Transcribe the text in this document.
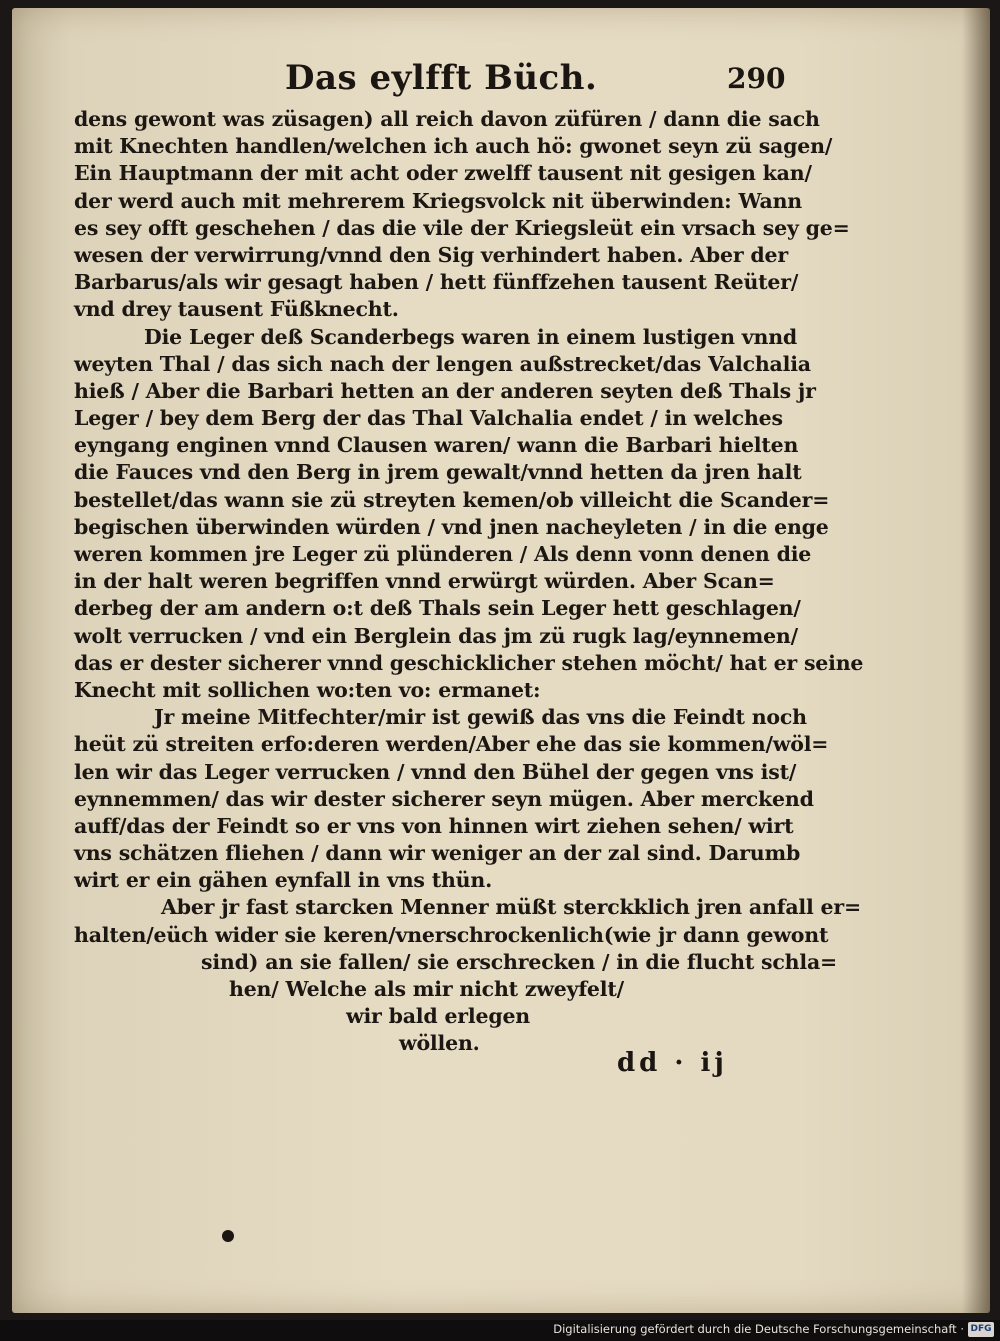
Das eylfft Büch.	290
dens gewont was züsagen) all reich davon züfüren / dann die sach
mit Knechten handlen/welchen ich auch hö: gwonet seyn zü sagen/
Ein Hauptmann der mit acht oder zwelff tausent nit gesigen kan/
der werd auch mit mehrerem Kriegsvolck nit überwinden: Wann
es sey offt geschehen / das die vile der Kriegsleüt ein vrsach sey ge=
wesen der verwirrung/vnnd den Sig verhindert haben. Aber der
Barbarus/als wir gesagt haben / hett fünffzehen tausent Reüter/
vnd drey tausent Füßknecht.
Die Leger deß Scanderbegs waren in einem lustigen vnnd
weyten Thal / das sich nach der lengen außstrecket/das Valchalia
hieß / Aber die Barbari hetten an der anderen seyten deß Thals jr
Leger / bey dem Berg der das Thal Valchalia endet / in welches
eyngang enginen vnnd Clausen waren/ wann die Barbari hielten
die Fauces vnd den Berg in jrem gewalt/vnnd hetten da jren halt
bestellet/das wann sie zü streyten kemen/ob villeicht die Scander=
begischen überwinden würden / vnd jnen nacheyleten / in die enge
weren kommen jre Leger zü plünderen / Als denn vonn denen die
in der halt weren begriffen vnnd erwürgt würden. Aber Scan=
derbeg der am andern o:t deß Thals sein Leger hett geschlagen/
wolt verrucken / vnd ein Berglein das jm zü rugk lag/eynnemen/
das er dester sicherer vnnd geschicklicher stehen möcht/ hat er seine
Knecht mit sollichen wo:ten vo: ermanet:
Jr meine Mitfechter/mir ist gewiß das vns die Feindt noch
heüt zü streiten erfo:deren werden/Aber ehe das sie kommen/wöl=
len wir das Leger verrucken / vnnd den Bühel der gegen vns ist/
eynnemmen/ das wir dester sicherer seyn mügen. Aber merckend
auff/das der Feindt so er vns von hinnen wirt ziehen sehen/ wirt
vns schätzen fliehen / dann wir weniger an der zal sind. Darumb
wirt er ein gähen eynfall in vns thün.
Aber jr fast starcken Menner müßt sterckklich jren anfall er=
halten/eüch wider sie keren/vnerschrockenlich(wie jr dann gewont
sind) an sie fallen/ sie erschrecken / in die flucht schla=
hen/ Welche als mir nicht zweyfelt/
wir bald erlegen
wöllen.
dd · ij
Digitalisierung gefördert durch die Deutsche Forschungsgemeinschaft · DFG
